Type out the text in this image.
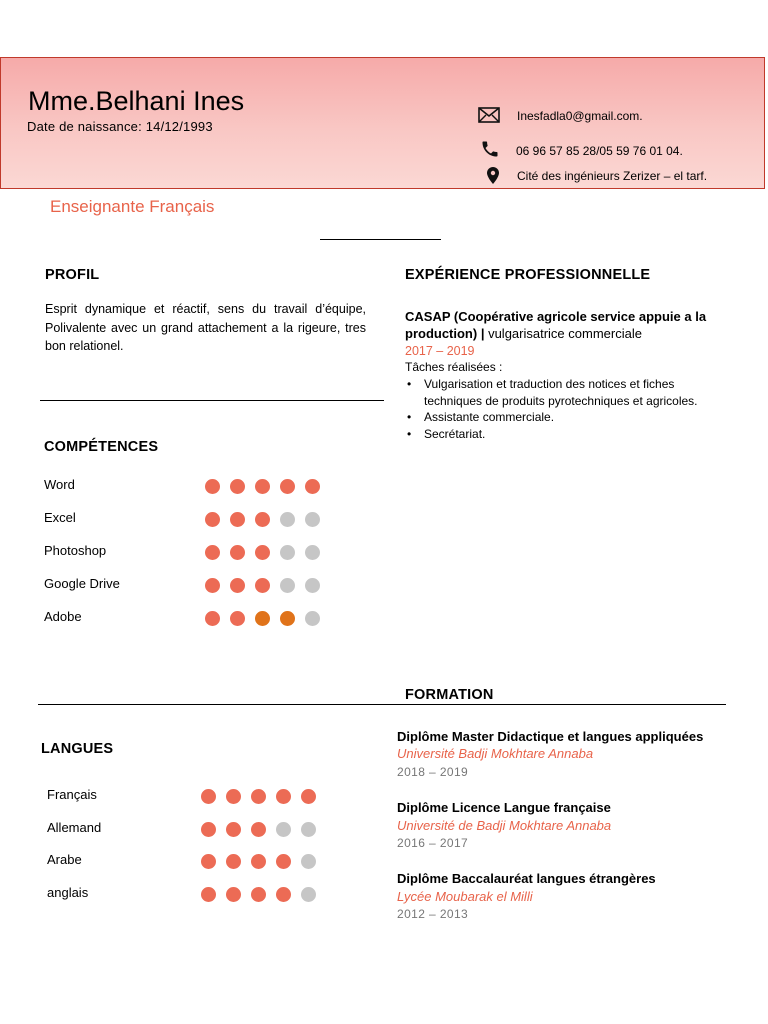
Mme.Belhani Ines
Date de naissance: 14/12/1993
Inesfadla0@gmail.com.
06 96 57 85 28/05 59 76 01 04.
Cité des ingénieurs Zerizer – el tarf.
Enseignante Français
PROFIL
Esprit dynamique et réactif, sens du travail d’équipe, Polivalente avec un grand attachement a la rigeure, tres bon relationel.
COMPÉTENCES
Word
Excel
Photoshop
Google Drive
Adobe
EXPÉRIENCE PROFESSIONNELLE
CASAP (Coopérative agricole service appuie a la production) | vulgarisatrice commerciale
2017 – 2019
Tâches réalisées :
• Vulgarisation et traduction des notices et fiches techniques de produits pyrotechniques et agricoles.
• Assistante commerciale.
• Secrétariat.
FORMATION
Diplôme Master Didactique et langues appliquées
Université Badji Mokhtare Annaba
2018 – 2019
Diplôme Licence Langue française
Université de Badji Mokhtare Annaba
2016 – 2017
Diplôme Baccalauréat langues étrangères
Lycée Moubarak el Milli
2012 – 2013
LANGUES
Français
Allemand
Arabe
anglais
